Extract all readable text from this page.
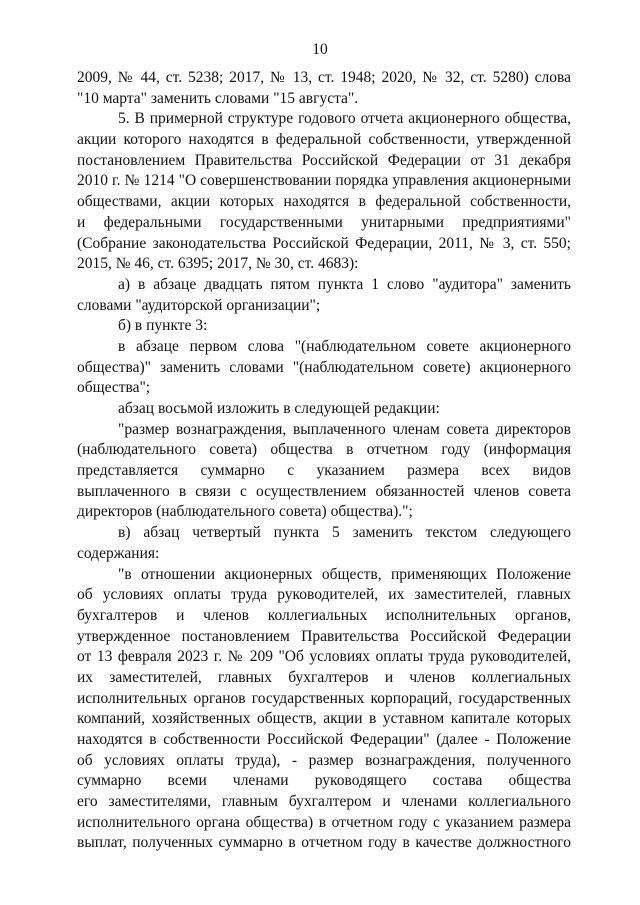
10
2009, № 44, ст. 5238; 2017, № 13, ст. 1948; 2020, № 32, ст. 5280) слова
"10 марта" заменить словами "15 августа".
5. В примерной структуре годового отчета акционерного общества,
акции которого находятся в федеральной собственности, утвержденной
постановлением Правительства Российской Федерации от 31 декабря
2010 г. № 1214 "О совершенствовании порядка управления акционерными
обществами, акции которых находятся в федеральной собственности,
и федеральными государственными унитарными предприятиями"
(Собрание законодательства Российской Федерации, 2011, № 3, ст. 550;
2015, № 46, ст. 6395; 2017, № 30, ст. 4683):
а) в абзаце двадцать пятом пункта 1 слово "аудитора" заменить
словами "аудиторской организации";
б) в пункте 3:
в абзаце первом слова "(наблюдательном совете акционерного
общества)" заменить словами "(наблюдательном совете) акционерного
общества";
абзац восьмой изложить в следующей редакции:
"размер вознаграждения, выплаченного членам совета директоров
(наблюдательного совета) общества в отчетном году (информация
представляется суммарно с указанием размера всех видов
выплаченного в связи с осуществлением обязанностей членов совета
директоров (наблюдательного совета) общества).";
в) абзац четвертый пункта 5 заменить текстом следующего
содержания:
"в отношении акционерных обществ, применяющих Положение
об условиях оплаты труда руководителей, их заместителей, главных
бухгалтеров и членов коллегиальных исполнительных органов,
утвержденное постановлением Правительства Российской Федерации
от 13 февраля 2023 г. № 209 "Об условиях оплаты труда руководителей,
их заместителей, главных бухгалтеров и членов коллегиальных
исполнительных органов государственных корпораций, государственных
компаний, хозяйственных обществ, акции в уставном капитале которых
находятся в собственности Российской Федерации" (далее - Положение
об условиях оплаты труда), - размер вознаграждения, полученного
суммарно всеми членами руководящего состава общества
его заместителями, главным бухгалтером и членами коллегиального
исполнительного органа общества) в отчетном году с указанием размера
выплат, полученных суммарно в отчетном году в качестве должностного
